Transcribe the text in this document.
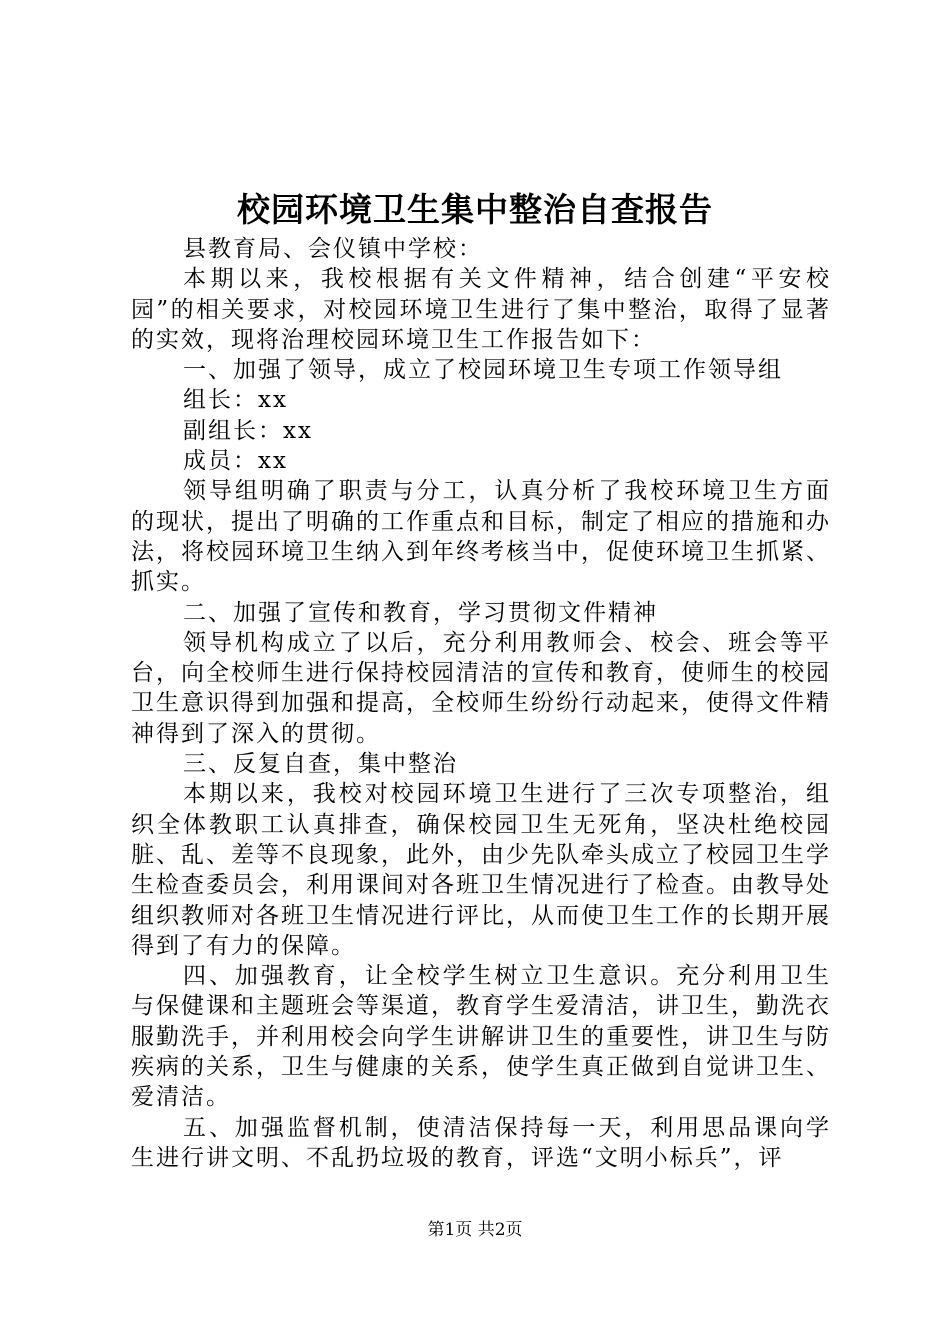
校园环境卫生集中整治自查报告

县教育局、会仪镇中学校：

本期以来，我校根据有关文件精神，结合创建“平安校园”的相关要求，对校园环境卫生进行了集中整治，取得了显著的实效，现将治理校园环境卫生工作报告如下：

一、加强了领导，成立了校园环境卫生专项工作领导组

组长：xx

副组长：xx

成员：xx

领导组明确了职责与分工，认真分析了我校环境卫生方面的现状，提出了明确的工作重点和目标，制定了相应的措施和办法，将校园环境卫生纳入到年终考核当中，促使环境卫生抓紧、抓实。

二、加强了宣传和教育，学习贯彻文件精神

领导机构成立了以后，充分利用教师会、校会、班会等平台，向全校师生进行保持校园清洁的宣传和教育，使师生的校园卫生意识得到加强和提高，全校师生纷纷行动起来，使得文件精神得到了深入的贯彻。

三、反复自查，集中整治

本期以来，我校对校园环境卫生进行了三次专项整治，组织全体教职工认真排查，确保校园卫生无死角，坚决杜绝校园脏、乱、差等不良现象，此外，由少先队牵头成立了校园卫生学生检查委员会，利用课间对各班卫生情况进行了检查。由教导处组织教师对各班卫生情况进行评比，从而使卫生工作的长期开展得到了有力的保障。

四、加强教育，让全校学生树立卫生意识。充分利用卫生与保健课和主题班会等渠道，教育学生爱清洁，讲卫生，勤洗衣服勤洗手，并利用校会向学生讲解讲卫生的重要性，讲卫生与防疾病的关系，卫生与健康的关系，使学生真正做到自觉讲卫生、爱清洁。

五、加强监督机制，使清洁保持每一天，利用思品课向学生进行讲文明、不乱扔垃圾的教育，评选“文明小标兵”，评

第1页 共2页
